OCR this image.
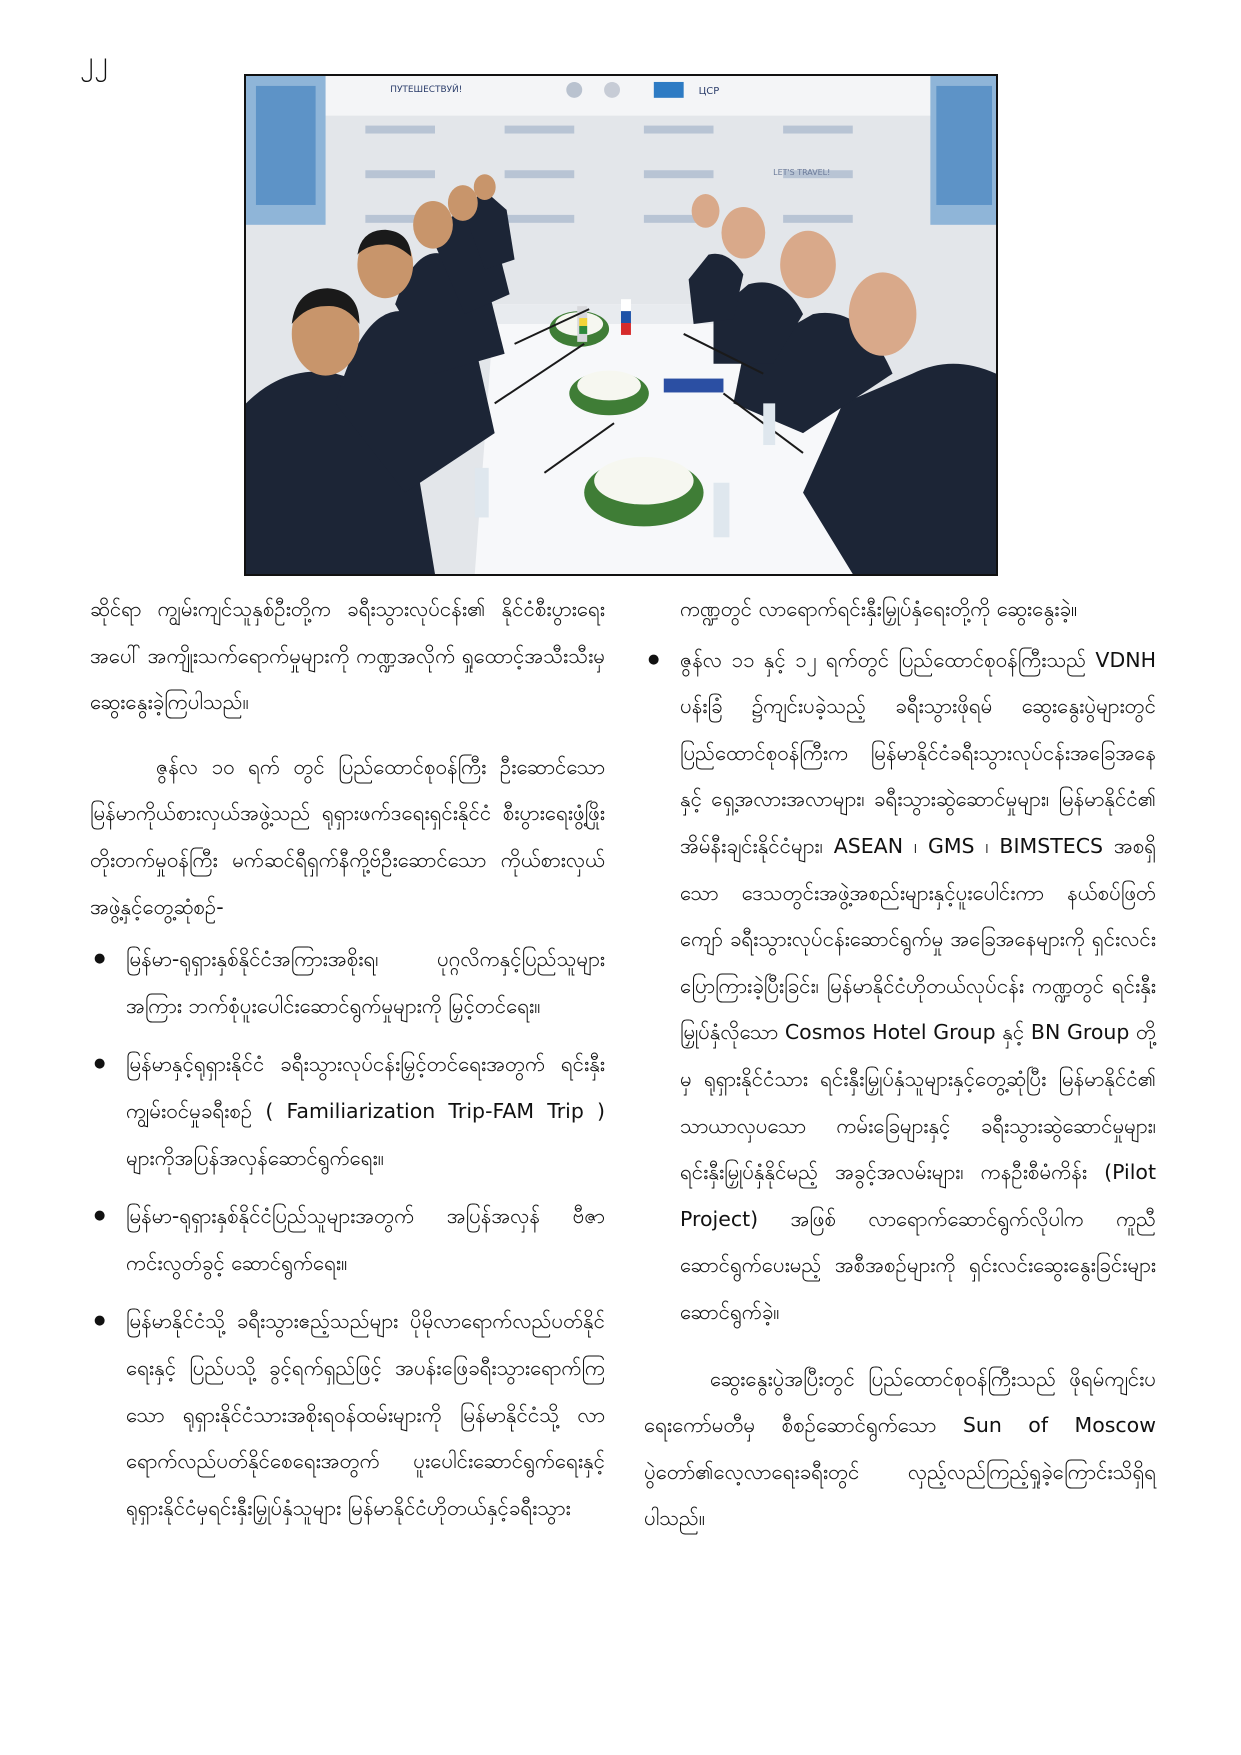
၂၂
ПУТЕШЕСТВУЙ!	ЦСР
LET'S TRAVEL!

ဆိုင်ရာ ကျွမ်းကျင်သူနှစ်ဦးတို့က ခရီးသွားလုပ်ငန်း၏ နိုင်ငံစီးပွားရေးအပေါ် အကျိုးသက်ရောက်မှုများကို ကဏ္ဍအလိုက် ရှုထောင့်အသီးသီးမှ ဆွေးနွေးခဲ့ကြပါသည်။

ဇွန်လ ၁၀ ရက် တွင် ပြည်ထောင်စုဝန်ကြီး ဦးဆောင်သော မြန်မာကိုယ်စားလှယ်အဖွဲ့သည် ရုရှားဖက်ဒရေးရှင်းနိုင်ငံ စီးပွားရေးဖွံ့ဖြိုးတိုးတက်မှုဝန်ကြီး မက်ဆင်ရီရှက်နီကို့ဗ်ဦးဆောင်သော ကိုယ်စားလှယ်အဖွဲ့နှင့်တွေ့ဆုံစဉ်-

● မြန်မာ-ရုရှားနှစ်နိုင်ငံအကြားအစိုးရ၊ ပုဂ္ဂလိကနှင့်ပြည်သူများအကြား ဘက်စုံပူးပေါင်းဆောင်ရွက်မှုများကို မြှင့်တင်ရေး။
● မြန်မာနှင့်ရုရှားနိုင်ငံ ခရီးသွားလုပ်ငန်းမြှင့်တင်ရေးအတွက် ရင်းနှီးကျွမ်းဝင်မှုခရီးစဉ် ( Familiarization Trip-FAM Trip ) များကိုအပြန်အလှန်ဆောင်ရွက်ရေး။
● မြန်မာ-ရုရှားနှစ်နိုင်ငံပြည်သူများအတွက် အပြန်အလှန် ဗီဇာကင်းလွတ်ခွင့် ဆောင်ရွက်ရေး။
● မြန်မာနိုင်ငံသို့ ခရီးသွားဧည့်သည်များ ပိုမိုလာရောက်လည်ပတ်နိုင်ရေးနှင့် ပြည်ပသို့ ခွင့်ရက်ရှည်ဖြင့် အပန်းဖြေခရီးသွားရောက်ကြသော ရုရှားနိုင်ငံသားအစိုးရဝန်ထမ်းများကို မြန်မာနိုင်ငံသို့ လာရောက်လည်ပတ်နိုင်စေရေးအတွက် ပူးပေါင်းဆောင်ရွက်ရေးနှင့် ရုရှားနိုင်ငံမှရင်းနှီးမြှုပ်နှံသူများ မြန်မာနိုင်ငံဟိုတယ်နှင့်ခရီးသွား

ကဏ္ဍတွင် လာရောက်ရင်းနှီးမြှုပ်နှံရေးတို့ကို ဆွေးနွေးခဲ့။

● ဇွန်လ ၁၁ နှင့် ၁၂ ရက်တွင် ပြည်ထောင်စုဝန်ကြီးသည် VDNH ပန်းခြံ ၌ကျင်းပခဲ့သည့် ခရီးသွားဖိုရမ် ဆွေးနွေးပွဲများတွင် ပြည်ထောင်စုဝန်ကြီးက မြန်မာနိုင်ငံခရီးသွားလုပ်ငန်းအခြေအနေနှင့် ရှေ့အလားအလာများ၊ ခရီးသွားဆွဲဆောင်မှုများ၊ မြန်မာနိုင်ငံ၏ အိမ်နီးချင်းနိုင်ငံများ၊ ASEAN ၊ GMS ၊ BIMSTECS အစရှိသော ဒေသတွင်းအဖွဲ့အစည်းများနှင့်ပူးပေါင်းကာ နယ်စပ်ဖြတ်ကျော် ခရီးသွားလုပ်ငန်းဆောင်ရွက်မှု အခြေအနေများကို ရှင်းလင်းပြောကြားခဲ့ပြီးခြင်း၊ မြန်မာနိုင်ငံဟိုတယ်လုပ်ငန်း ကဏ္ဍတွင် ရင်းနှီးမြှုပ်နှံလိုသော Cosmos Hotel Group နှင့် BN Group တို့မှ ရုရှားနိုင်ငံသား ရင်းနှီးမြှုပ်နှံသူများနှင့်တွေ့ဆုံပြီး မြန်မာနိုင်ငံ၏ သာယာလှပသော ကမ်းခြေများနှင့် ခရီးသွားဆွဲဆောင်မှုများ၊ ရင်းနှီးမြှုပ်နှံနိုင်မည့် အခွင့်အလမ်းများ၊ ကနဦးစီမံကိန်း (Pilot Project) အဖြစ် လာရောက်ဆောင်ရွက်လိုပါက ကူညီဆောင်ရွက်ပေးမည့် အစီအစဉ်များကို ရှင်းလင်းဆွေးနွေးခြင်းများ ဆောင်ရွက်ခဲ့။

ဆွေးနွေးပွဲအပြီးတွင် ပြည်ထောင်စုဝန်ကြီးသည် ဖိုရမ်ကျင်းပရေးကော်မတီမှ စီစဉ်ဆောင်ရွက်သော Sun of Moscow ပွဲတော်၏လေ့လာရေးခရီးတွင် လှည့်လည်ကြည့်ရှုခဲ့ကြောင်းသိရှိရပါသည်။
